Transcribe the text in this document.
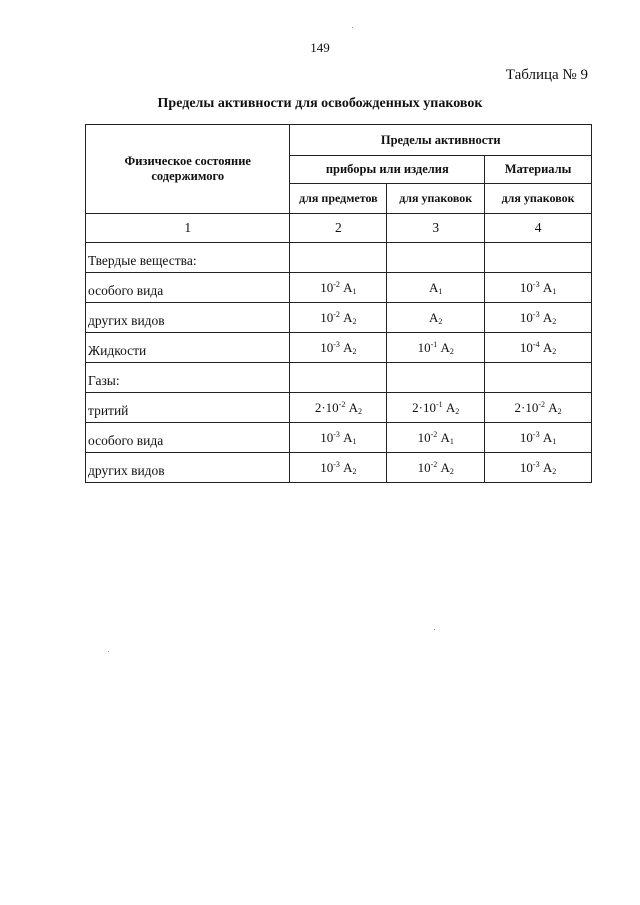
149
Таблица № 9
Пределы активности для освобожденных упаковок
Физическое состояние содержимого	Пределы активности		
	приборы или изделия		Материалы
	для предметов	для упаковок	для упаковок
1	2	3	4
Твердые вещества:			
особого вида	$10^{-2}$ $A_1$	$A_1$	$10^{-3}$ $A_1$
других видов	$10^{-2}$ $A_2$	$A_2$	$10^{-3}$ $A_2$
Жидкости	$10^{-3}$ $A_2$	$10^{-1}$ $A_2$	$10^{-4}$ $A_2$
Газы:			
тритий	$2\cdot 10^{-2}$ $A_2$	$2\cdot 10^{-1}$ $A_2$	$2\cdot 10^{-2}$ $A_2$
особого вида	$10^{-3}$ $A_1$	$10^{-2}$ $A_1$	$10^{-3}$ $A_1$
других видов	$10^{-3}$ $A_2$	$10^{-2}$ $A_2$	$10^{-3}$ $A_2$
